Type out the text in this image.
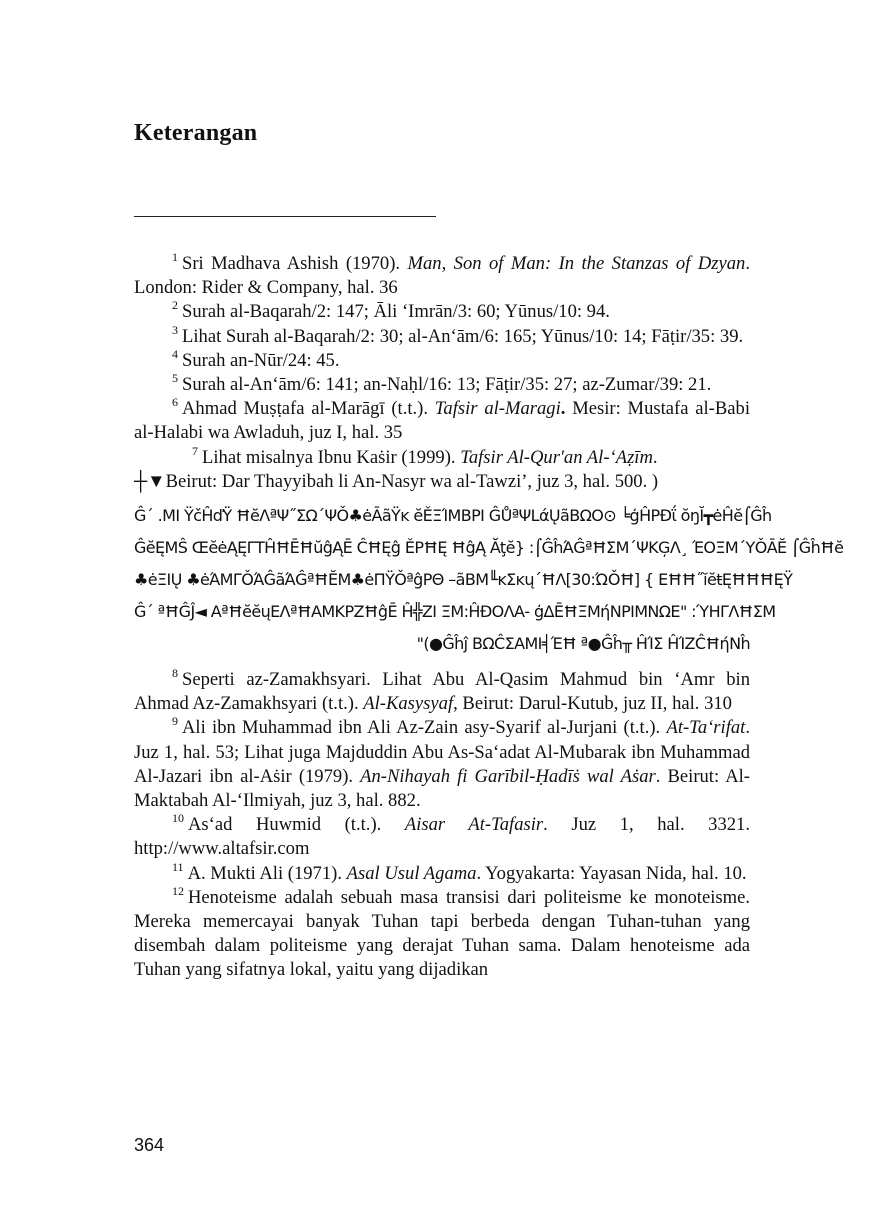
Keterangan

$^1$ Sri Madhava Ashish (1970). Man, Son of Man: In the Stanzas of Dzyan. London: Rider & Company, hal. 36

$^2$ Surah al-Baqarah/2: 147; Āli ‘Imrān/3: 60; Yūnus/10: 94.

$^3$ Lihat Surah al-Baqarah/2: 30; al-An‘ām/6: 165; Yūnus/10: 14; Fāṭir/35: 39.

$^4$ Surah an-Nūr/24: 45.

$^5$ Surah al-An‘ām/6: 141; an-Naḥl/16: 13; Fāṭir/35: 27; az-Zumar/39: 21.

$^6$ Ahmad Muṣṭafa al-Marāgī (t.t.). Tafsir al-Maragi. Mesir: Mustafa al-Babi al-Halabi wa Awladuh, juz I, hal. 35

$^7$ Lihat misalnya Ibnu Kaṡir (1999). Tafsir Al-Qur'an Al-‘Aẓīm.

┼▼Beirut: Dar Thayyibah li An-Nasyr wa al-Tawzi’, juz 3, hal. 500. )

Ĝ´ .MI ŸčĤďŸ ĦĕΛªΨ˝ΣΩ΄ΨǑ♣ėĀãŸĸ ĕĚΞΊΜΒΡΙ ĜŮªΨLάŲãBΩΟ⊙ ╘ģĤΡĐΐ ŏŋĬ┳ėĤĕ⌠Ĝĥ
ĜĕĘΜŜ ŒĕėĄĘΓΤĤĦĒĦŭĝĄĒ ĈĦĘĝ ĚΡĦĘ ĦĝĄ Ăţĕ} :⌠ĜĥΆĜªĦΣΜ΄ΨΚĢΛ¸ ΈΟΞΜ΄ΥǑĀĔ ⌠ĜĥĦĕ
♣ėΞΙŲ ♣ėΆΜΓǑΆĜãΆĜªĦĔΜ♣ėΠΫǑªĝΡΘ –ãΒΜ╙ĸΣĸų΄ĦΛ[30:ΏǑĦ] { ΕĦĦ˝ĭĕŧĘĦĦĦĘŸ
Ĝ´ ªĦĜĴ◄ ΑªĦĕĕųΕΛªĦΑΜΚΡΖĦĝĒ Ĥ╬ΖΙ ΞΜ:ĤĐΟΛΑ‐ ģΔĒĦΞΜήΝΡΙΜΝΩΕ" :ΎΗΓΛĦΣΜ
"(●Ĝĥĵ ΒΩĈΣΑΜΙ╡ΈĦ ª●Ĝĥ╥ ĤΊΣ ĤΊΖĈĦήΝĥ

$^8$ Seperti az-Zamakhsyari. Lihat Abu Al-Qasim Mahmud bin ‘Amr bin Ahmad Az-Zamakhsyari (t.t.). Al-Kasysyaf, Beirut: Darul-Kutub, juz II, hal. 310

$^9$ Ali ibn Muhammad ibn Ali Az-Zain asy-Syarif al-Jurjani (t.t.). At-Ta‘rifat. Juz 1, hal. 53; Lihat juga Majduddin Abu As-Sa‘adat Al-Mubarak ibn Muhammad Al-Jazari ibn al-Aṡir (1979). An-Nihayah fi Garībil-Ḥadīṡ wal Aṡar. Beirut: Al-Maktabah Al-‘Ilmiyah, juz 3, hal. 882.

$^{10}$ As‘ad Huwmid (t.t.). Aisar At-Tafasir. Juz 1, hal. 3321. http://www.altafsir.com

$^{11}$ A. Mukti Ali (1971). Asal Usul Agama. Yogyakarta: Yayasan Nida, hal. 10.

$^{12}$ Henoteisme adalah sebuah masa transisi dari politeisme ke monoteisme. Mereka memercayai banyak Tuhan tapi berbeda dengan Tuhan-tuhan yang disembah dalam politeisme yang derajat Tuhan sama. Dalam henoteisme ada Tuhan yang sifatnya lokal, yaitu yang dijadikan

364
